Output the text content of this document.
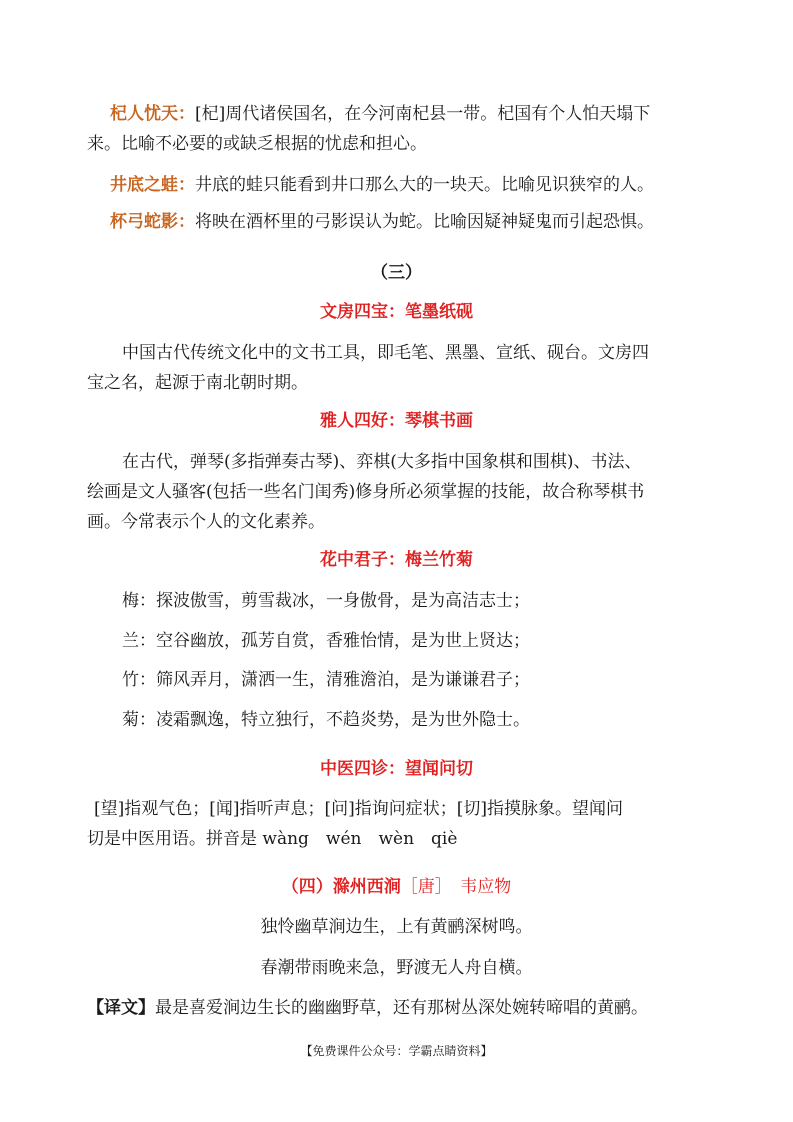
杞人忧天：[杞]周代诸侯国名，在今河南杞县一带。杞国有个人怕天塌下
来。比喻不必要的或缺乏根据的忧虑和担心。
井底之蛙：井底的蛙只能看到井口那么大的一块天。比喻见识狭窄的人。
杯弓蛇影：将映在酒杯里的弓影误认为蛇。比喻因疑神疑鬼而引起恐惧。
（三）
文房四宝：笔墨纸砚
中国古代传统文化中的文书工具，即毛笔、黑墨、宣纸、砚台。文房四
宝之名，起源于南北朝时期。
雅人四好：琴棋书画
在古代，弹琴(多指弹奏古琴)、弈棋(大多指中国象棋和围棋)、书法、
绘画是文人骚客(包括一些名门闺秀)修身所必须掌握的技能，故合称琴棋书
画。今常表示个人的文化素养。
花中君子：梅兰竹菊
梅：探波傲雪，剪雪裁冰，一身傲骨，是为高洁志士；
兰：空谷幽放，孤芳自赏，香雅怡情，是为世上贤达；
竹：筛风弄月，潇洒一生，清雅澹泊，是为谦谦君子；
菊：凌霜飘逸，特立独行，不趋炎势，是为世外隐士。
中医四诊：望闻问切
[望]指观气色；[闻]指听声息；[问]指询问症状；[切]指摸脉象。望闻问
切是中医用语。拼音是 wàng　wén　wèn　qiè
（四）滁州西涧［唐］　韦应物
独怜幽草涧边生，上有黄鹂深树鸣。
春潮带雨晚来急，野渡无人舟自横。
【译文】最是喜爱涧边生长的幽幽野草，还有那树丛深处婉转啼唱的黄鹂。
【免费课件公众号：学霸点睛资料】
